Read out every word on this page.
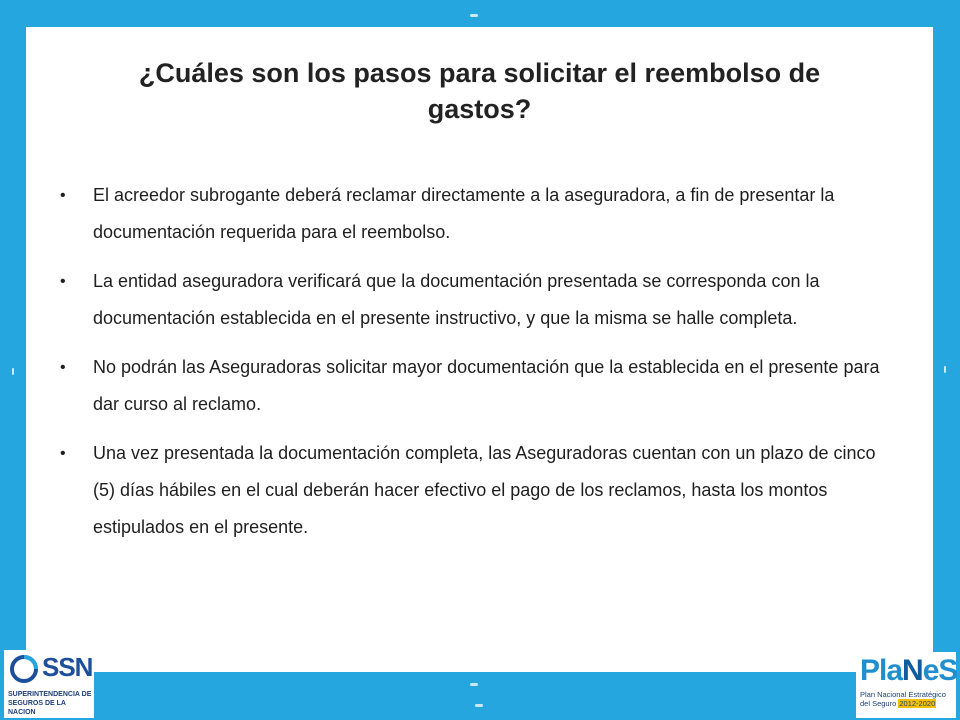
¿Cuáles son los pasos para solicitar el reembolso de
gastos?
• El acreedor subrogante deberá reclamar directamente a la aseguradora, a fin de presentar la documentación requerida para el reembolso.
• La entidad aseguradora verificará que la documentación presentada se corresponda con la documentación establecida en el presente instructivo, y que la misma se halle completa.
• No podrán las Aseguradoras solicitar mayor documentación que la establecida en el presente para dar curso al reclamo.
• Una vez presentada la documentación completa, las Aseguradoras cuentan con un plazo de cinco (5) días hábiles en el cual deberán hacer efectivo el pago de los reclamos, hasta los montos estipulados en el presente.
SSN
SUPERINTENDENCIA DE
SEGUROS DE LA NACION
PlaNeS
Plan Nacional Estratégico
del Seguro 2012-2020
